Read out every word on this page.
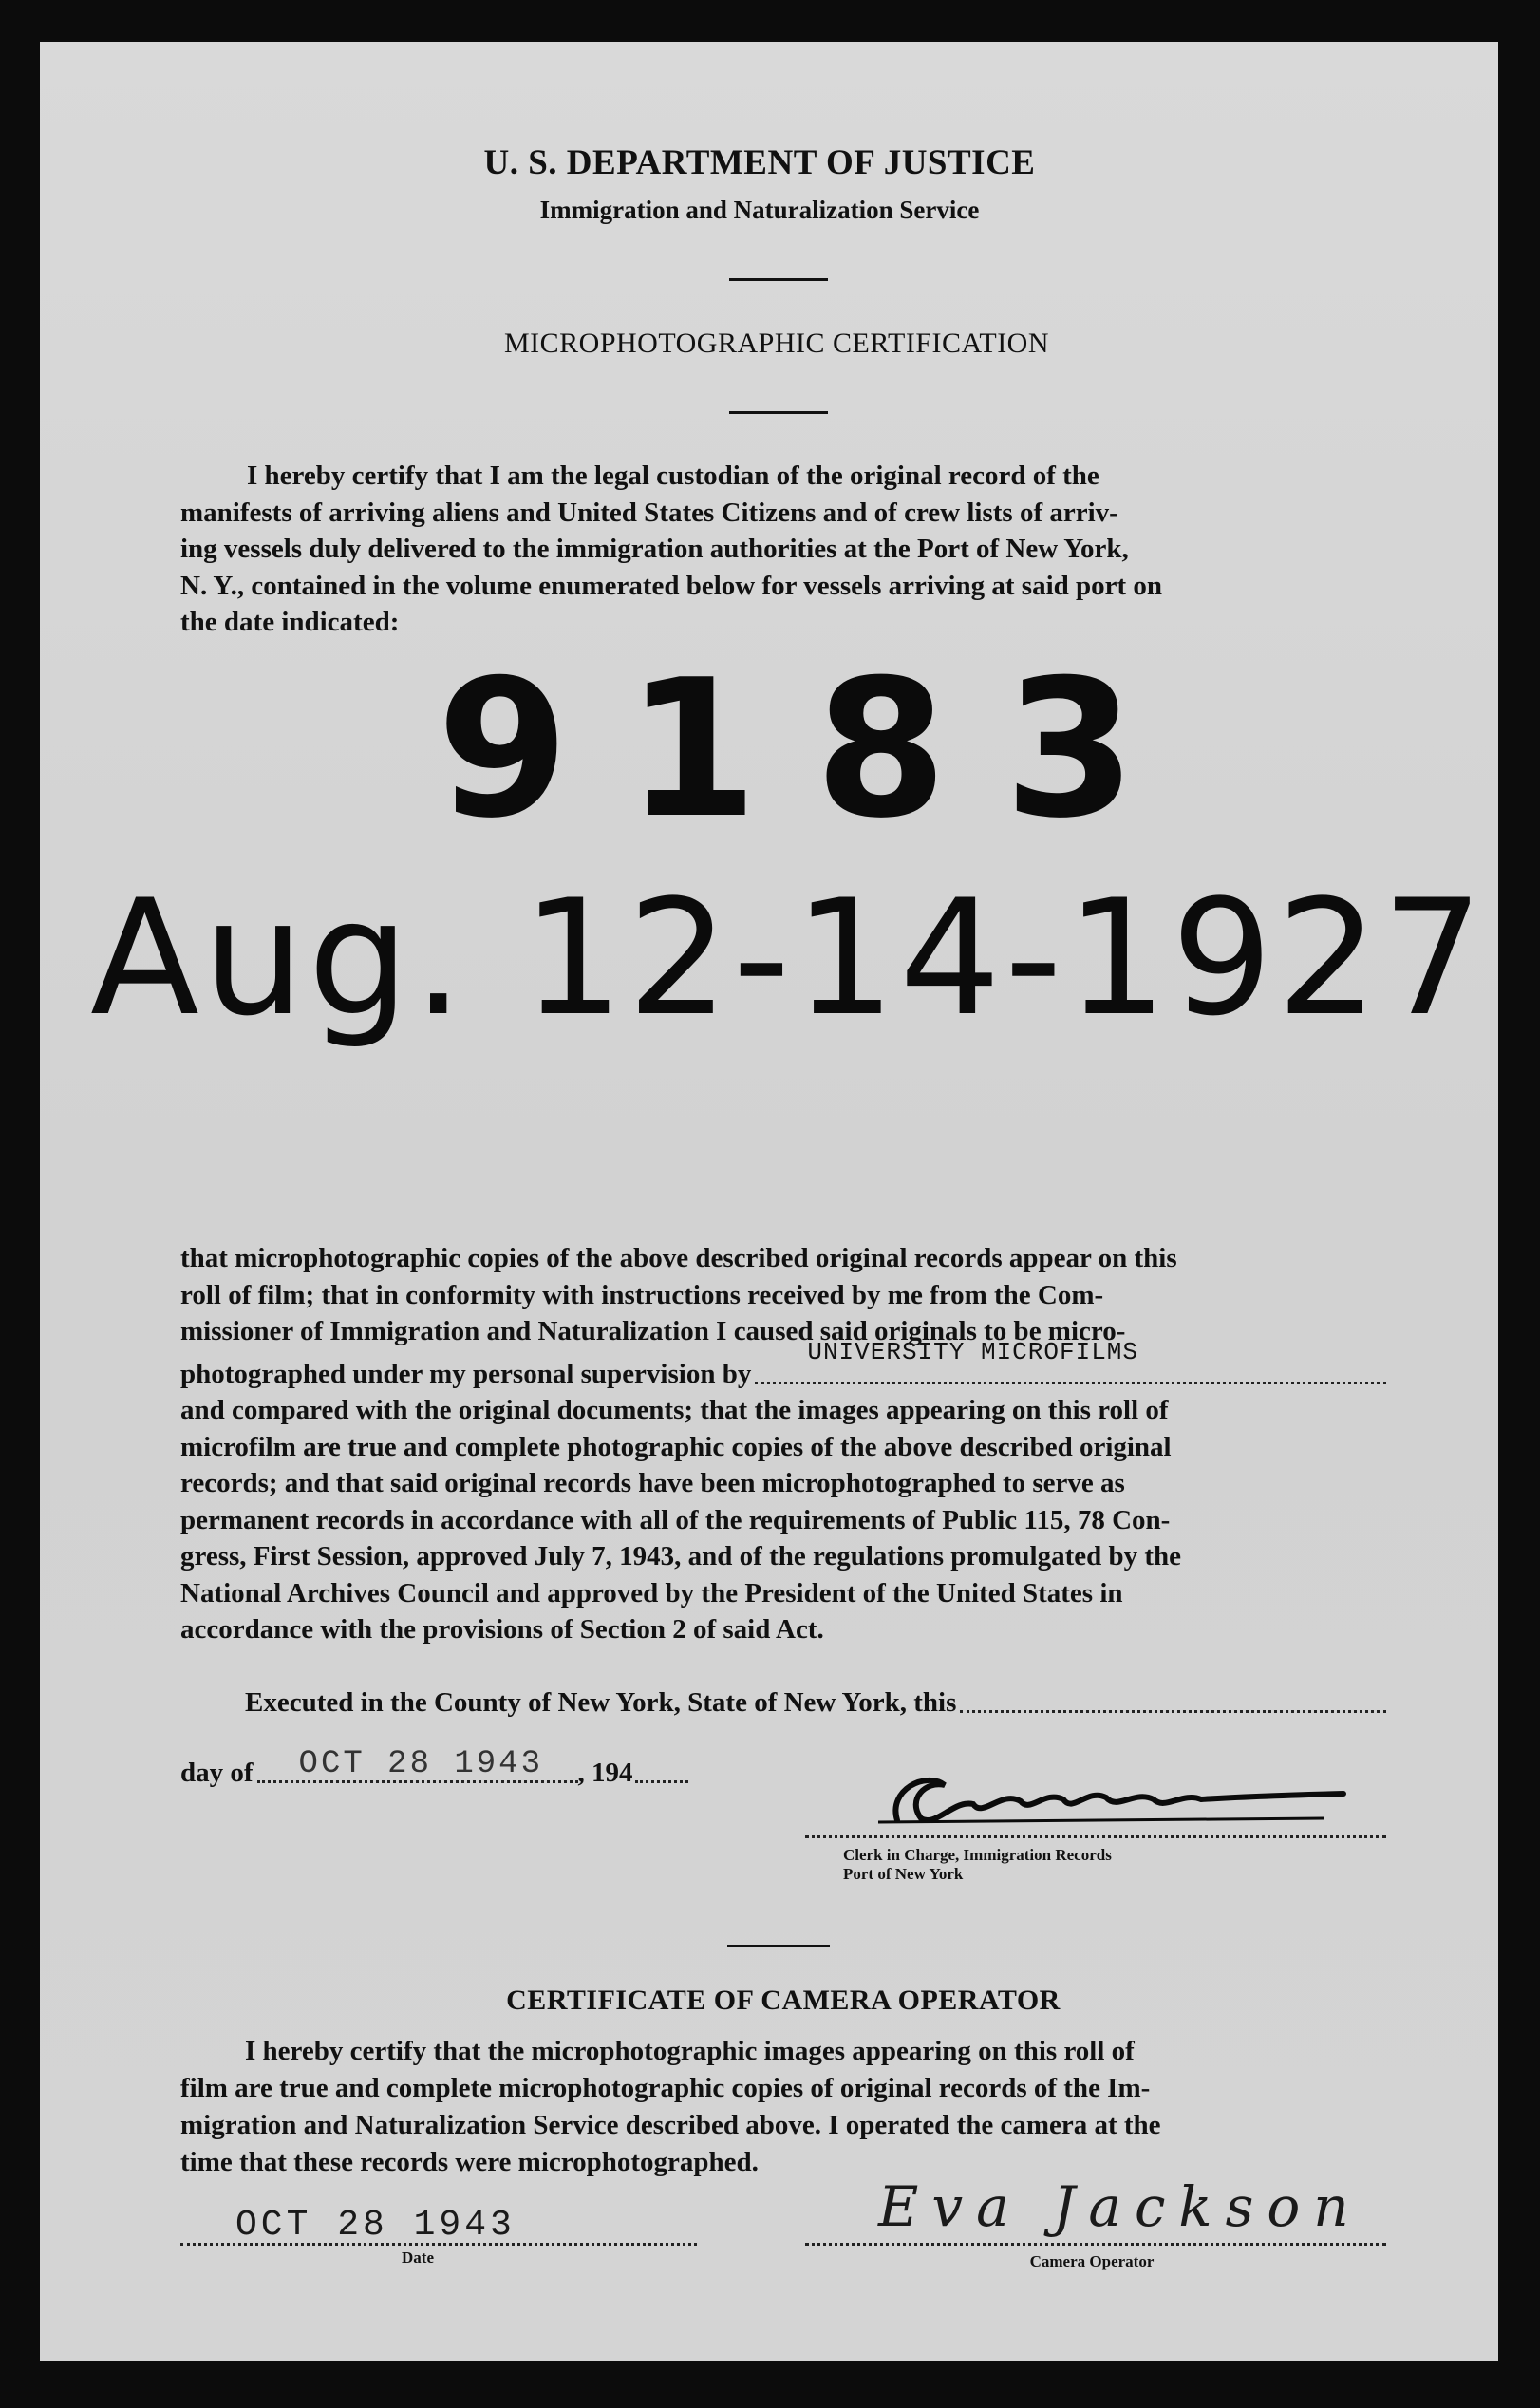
U. S. DEPARTMENT OF JUSTICE
Immigration and Naturalization Service
MICROPHOTOGRAPHIC CERTIFICATION
I hereby certify that I am the legal custodian of the original record of the
manifests of arriving aliens and United States Citizens and of crew lists of arriv-
ing vessels duly delivered to the immigration authorities at the Port of New York,
N. Y., contained in the volume enumerated below for vessels arriving at said port on
the date indicated:
9183
Aug. 12-14-1927
that microphotographic copies of the above described original records appear on this
roll of film; that in conformity with instructions received by me from the Com-
missioner of Immigration and Naturalization I caused said originals to be micro-
photographed under my personal supervision by
UNIVERSITY MICROFILMS
and compared with the original documents; that the images appearing on this roll of
microfilm are true and complete photographic copies of the above described original
records; and that said original records have been microphotographed to serve as
permanent records in accordance with all of the requirements of Public 115, 78 Con-
gress, First Session, approved July 7, 1943, and of the regulations promulgated by the
National Archives Council and approved by the President of the United States in
accordance with the provisions of Section 2 of said Act.
Executed in the County of New York, State of New York, this
day of OCT 28 1943 , 194
Clerk in Charge, Immigration Records
Port of New York
CERTIFICATE OF CAMERA OPERATOR
I hereby certify that the microphotographic images appearing on this roll of
film are true and complete microphotographic copies of original records of the Im-
migration and Naturalization Service described above. I operated the camera at the
time that these records were microphotographed.
OCT 28 1943
Date
Eva Jackson
Camera Operator
